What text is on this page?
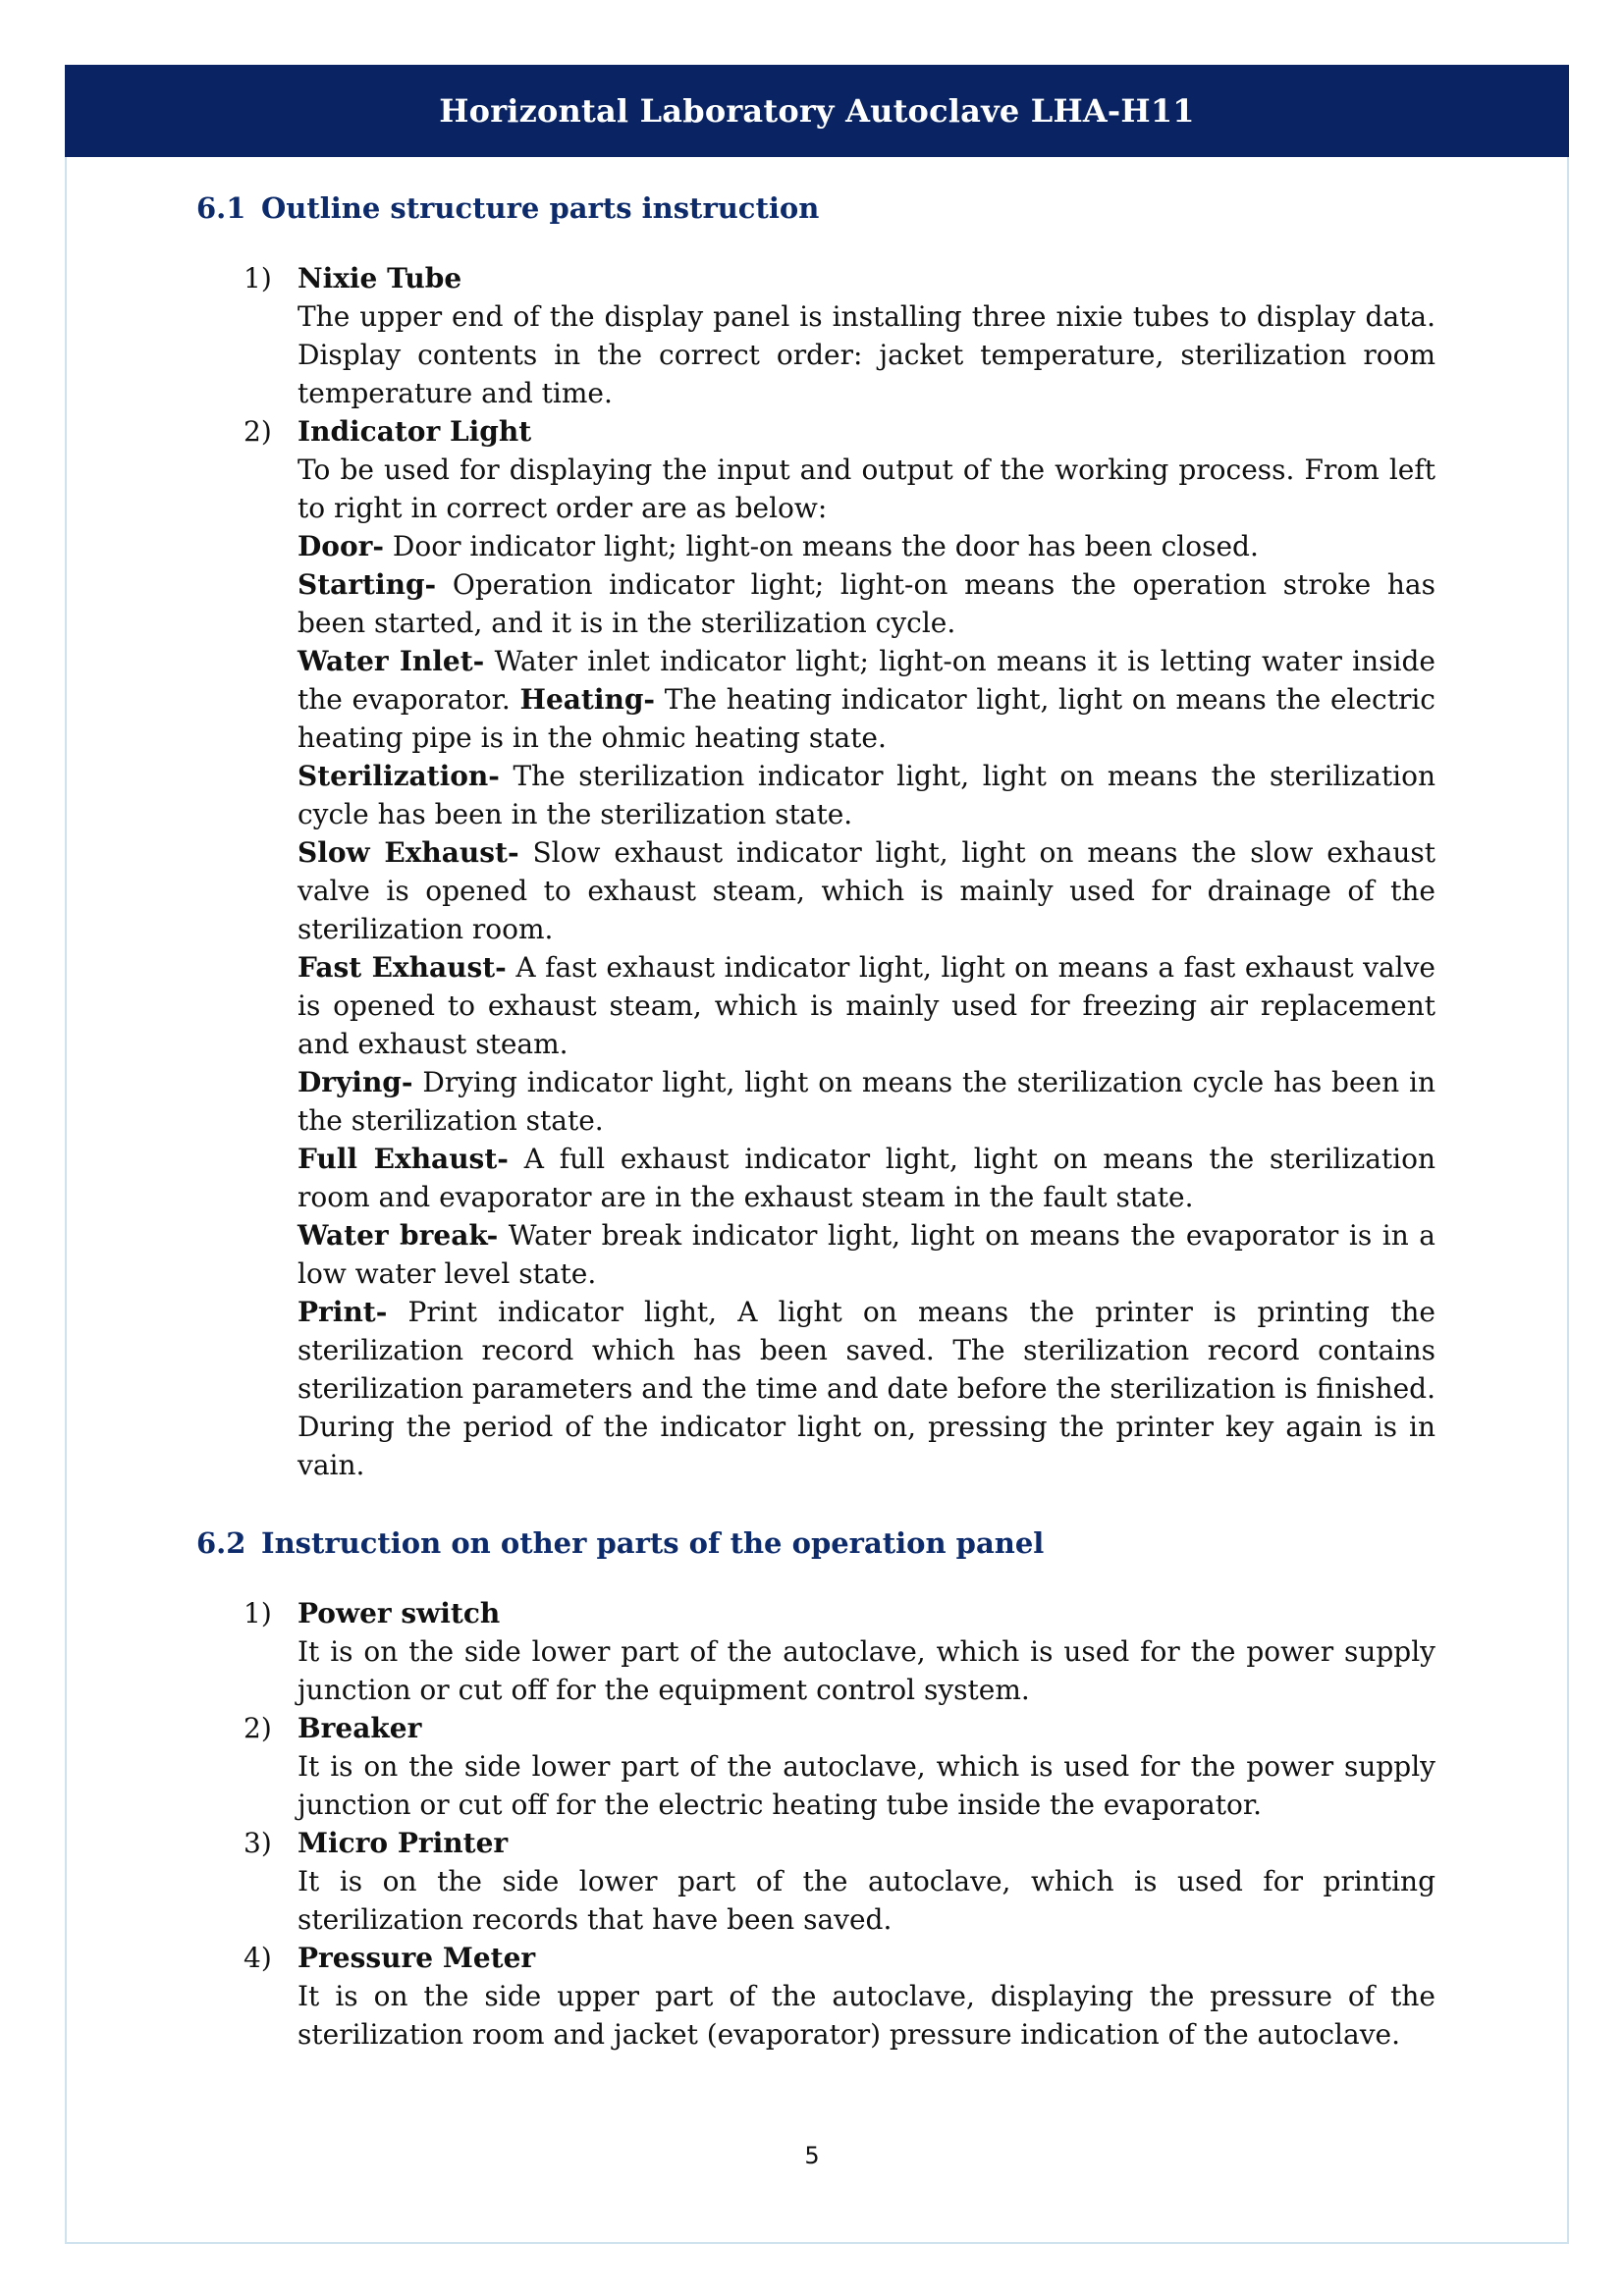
Horizontal Laboratory Autoclave LHA-H11
6.1 Outline structure parts instruction
1) Nixie Tube

The upper end of the display panel is installing three nixie tubes to display data. Display contents in the correct order: jacket temperature, sterilization room temperature and time.

2) Indicator Light

To be used for displaying the input and output of the working process. From left to right in correct order are as below:

Door- Door indicator light; light-on means the door has been closed.

Starting- Operation indicator light; light-on means the operation stroke has been started, and it is in the sterilization cycle.

Water Inlet- Water inlet indicator light; light-on means it is letting water inside the evaporator. Heating- The heating indicator light, light on means the electric heating pipe is in the ohmic heating state.

Sterilization- The sterilization indicator light, light on means the sterilization cycle has been in the sterilization state.

Slow Exhaust- Slow exhaust indicator light, light on means the slow exhaust valve is opened to exhaust steam, which is mainly used for drainage of the sterilization room.

Fast Exhaust- A fast exhaust indicator light, light on means a fast exhaust valve is opened to exhaust steam, which is mainly used for freezing air replacement and exhaust steam.

Drying- Drying indicator light, light on means the sterilization cycle has been in the sterilization state.

Full Exhaust- A full exhaust indicator light, light on means the sterilization room and evaporator are in the exhaust steam in the fault state.

Water break- Water break indicator light, light on means the evaporator is in a low water level state.

Print- Print indicator light, A light on means the printer is printing the sterilization record which has been saved. The sterilization record contains sterilization parameters and the time and date before the sterilization is finished. During the period of the indicator light on, pressing the printer key again is in vain.

6.2 Instruction on other parts of the operation panel
1) Power switch

It is on the side lower part of the autoclave, which is used for the power supply junction or cut off for the equipment control system.

2) Breaker

It is on the side lower part of the autoclave, which is used for the power supply junction or cut off for the electric heating tube inside the evaporator.

3) Micro Printer

It is on the side lower part of the autoclave, which is used for printing sterilization records that have been saved.

4) Pressure Meter

It is on the side upper part of the autoclave, displaying the pressure of the sterilization room and jacket (evaporator) pressure indication of the autoclave.

5
